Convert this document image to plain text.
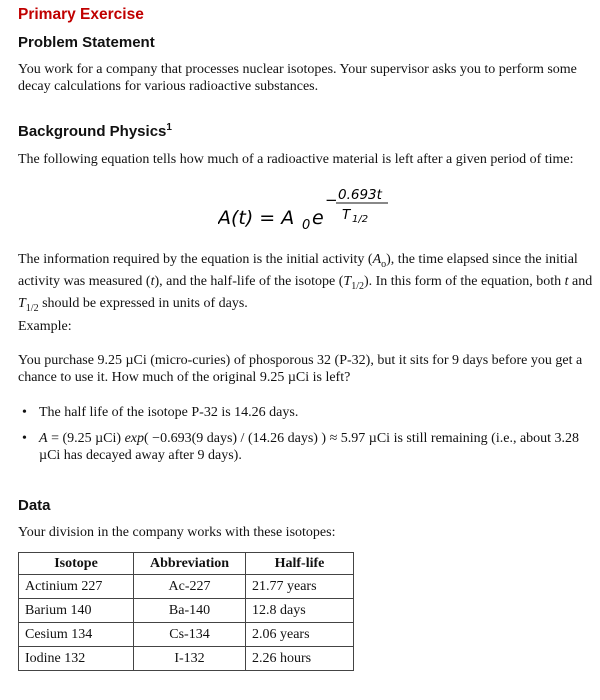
Primary Exercise
Problem Statement
You work for a company that processes nuclear isotopes. Your supervisor asks you to perform some decay calculations for various radioactive substances.
Background Physics$^1$
The following equation tells how much of a radioactive material is left after a given period of time:
A(t) = A 0 e
− 0.693t
T 1/2
The information required by the equation is the initial activity $(A_o)$, the time elapsed since the initial activity was measured (t), and the half-life of the isotope $(T_{1/2})$. In this form of the equation, both t and $T_{1/2}$ should be expressed in units of days.
Example:
You purchase 9.25 µCi (micro-curies) of phosporous 32 (P-32), but it sits for 9 days before you get a chance to use it. How much of the original 9.25 µCi is left?
• The half life of the isotope P-32 is 14.26 days.
• A = (9.25 µCi) exp( −0.693(9 days) / (14.26 days) ) ≈ 5.97 µCi is still remaining (i.e., about 3.28 µCi has decayed away after 9 days).
Data
Your division in the company works with these isotopes:
Isotope	Abbreviation	Half-life
Actinium 227	Ac-227	21.77 years
Barium 140	Ba-140	12.8 days
Cesium 134	Cs-134	2.06 years
Iodine 132	I-132	2.26 hours
